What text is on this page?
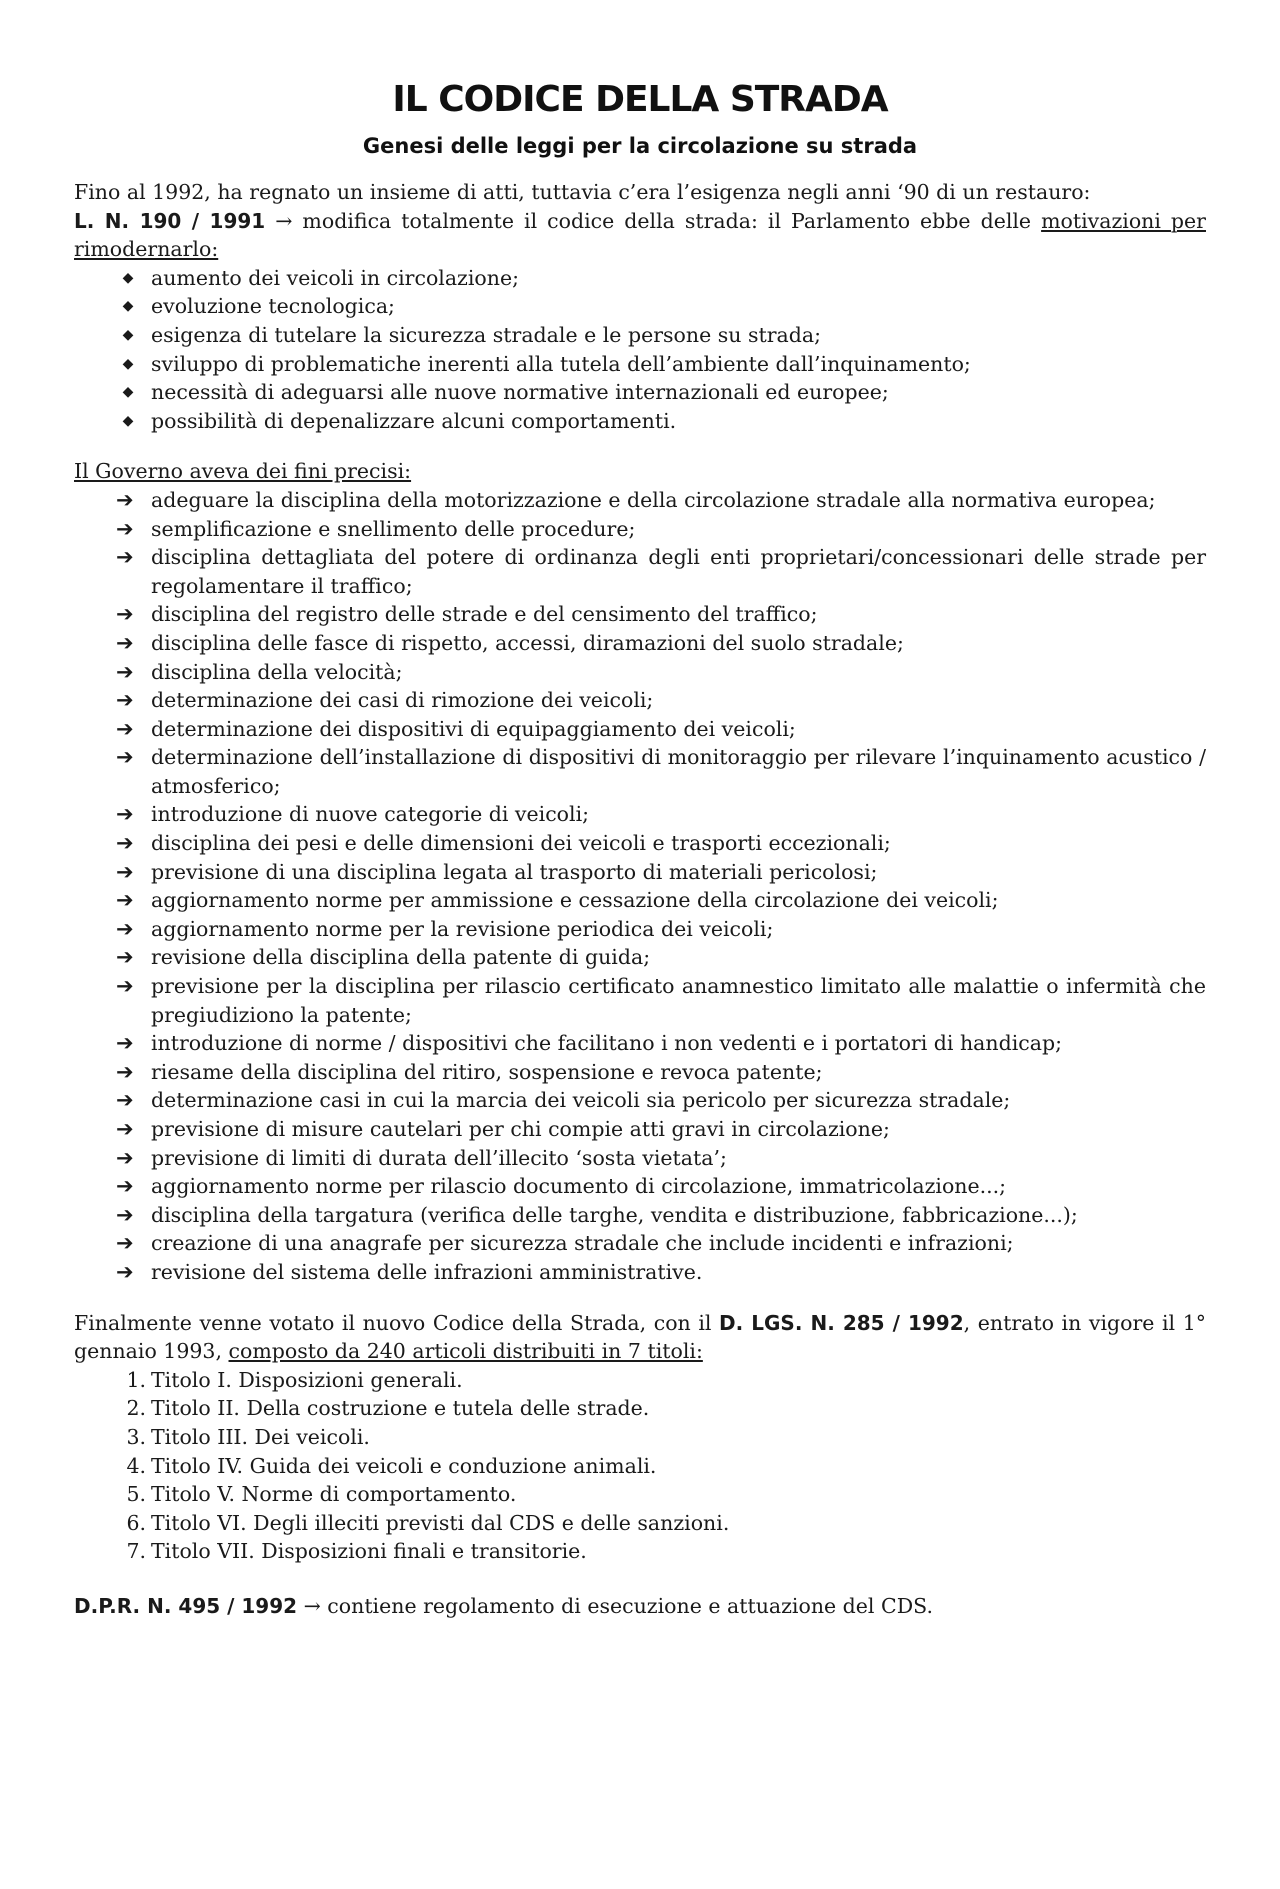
IL CODICE DELLA STRADA
Genesi delle leggi per la circolazione su strada

Fino al 1992, ha regnato un insieme di atti, tuttavia c’era l’esigenza negli anni ‘90 di un restauro:

L. N. 190 / 1991 → modifica totalmente il codice della strada: il Parlamento ebbe delle motivazioni per rimodernarlo:

◆ aumento dei veicoli in circolazione;
◆ evoluzione tecnologica;
◆ esigenza di tutelare la sicurezza stradale e le persone su strada;
◆ sviluppo di problematiche inerenti alla tutela dell’ambiente dall’inquinamento;
◆ necessità di adeguarsi alle nuove normative internazionali ed europee;
◆ possibilità di depenalizzare alcuni comportamenti.

Il Governo aveva dei fini precisi:

➔ adeguare la disciplina della motorizzazione e della circolazione stradale alla normativa europea;
➔ semplificazione e snellimento delle procedure;
➔ disciplina dettagliata del potere di ordinanza degli enti proprietari/concessionari delle strade per regolamentare il traffico;
➔ disciplina del registro delle strade e del censimento del traffico;
➔ disciplina delle fasce di rispetto, accessi, diramazioni del suolo stradale;
➔ disciplina della velocità;
➔ determinazione dei casi di rimozione dei veicoli;
➔ determinazione dei dispositivi di equipaggiamento dei veicoli;
➔ determinazione dell’installazione di dispositivi di monitoraggio per rilevare l’inquinamento acustico / atmosferico;
➔ introduzione di nuove categorie di veicoli;
➔ disciplina dei pesi e delle dimensioni dei veicoli e trasporti eccezionali;
➔ previsione di una disciplina legata al trasporto di materiali pericolosi;
➔ aggiornamento norme per ammissione e cessazione della circolazione dei veicoli;
➔ aggiornamento norme per la revisione periodica dei veicoli;
➔ revisione della disciplina della patente di guida;
➔ previsione per la disciplina per rilascio certificato anamnestico limitato alle malattie o infermità che pregiudiziono la patente;
➔ introduzione di norme / dispositivi che facilitano i non vedenti e i portatori di handicap;
➔ riesame della disciplina del ritiro, sospensione e revoca patente;
➔ determinazione casi in cui la marcia dei veicoli sia pericolo per sicurezza stradale;
➔ previsione di misure cautelari per chi compie atti gravi in circolazione;
➔ previsione di limiti di durata dell’illecito ‘sosta vietata’;
➔ aggiornamento norme per rilascio documento di circolazione, immatricolazione...;
➔ disciplina della targatura (verifica delle targhe, vendita e distribuzione, fabbricazione...);
➔ creazione di una anagrafe per sicurezza stradale che include incidenti e infrazioni;
➔ revisione del sistema delle infrazioni amministrative.

Finalmente venne votato il nuovo Codice della Strada, con il D. LGS. N. 285 / 1992, entrato in vigore il 1° gennaio 1993, composto da 240 articoli distribuiti in 7 titoli:

1. Titolo I. Disposizioni generali.
2. Titolo II. Della costruzione e tutela delle strade.
3. Titolo III. Dei veicoli.
4. Titolo IV. Guida dei veicoli e conduzione animali.
5. Titolo V. Norme di comportamento.
6. Titolo VI. Degli illeciti previsti dal CDS e delle sanzioni.
7. Titolo VII. Disposizioni finali e transitorie.

D.P.R. N. 495 / 1992 → contiene regolamento di esecuzione e attuazione del CDS.
